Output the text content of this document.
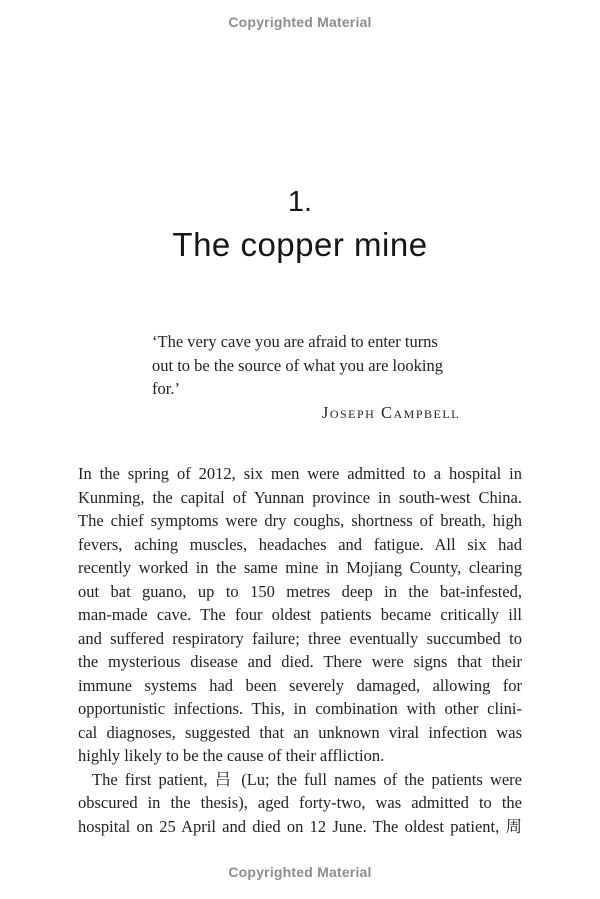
Copyrighted Material
1.
The copper mine
‘The very cave you are afraid to enter turns
out to be the source of what you are looking
for.’
Joseph Campbell
In the spring of 2012, six men were admitted to a hospital in
Kunming, the capital of Yunnan province in south-west China.
The chief symptoms were dry coughs, shortness of breath, high
fevers, aching muscles, headaches and fatigue. All six had
recently worked in the same mine in Mojiang County, clearing
out bat guano, up to 150 metres deep in the bat-infested,
man-made cave. The four oldest patients became critically ill
and suffered respiratory failure; three eventually succumbed to
the mysterious disease and died. There were signs that their
immune systems had been severely damaged, allowing for
opportunistic infections. This, in combination with other clini-
cal diagnoses, suggested that an unknown viral infection was
highly likely to be the cause of their affliction.
The first patient, 吕 (Lu; the full names of the patients were
obscured in the thesis), aged forty-two, was admitted to the
hospital on 25 April and died on 12 June. The oldest patient, 周
Copyrighted Material
